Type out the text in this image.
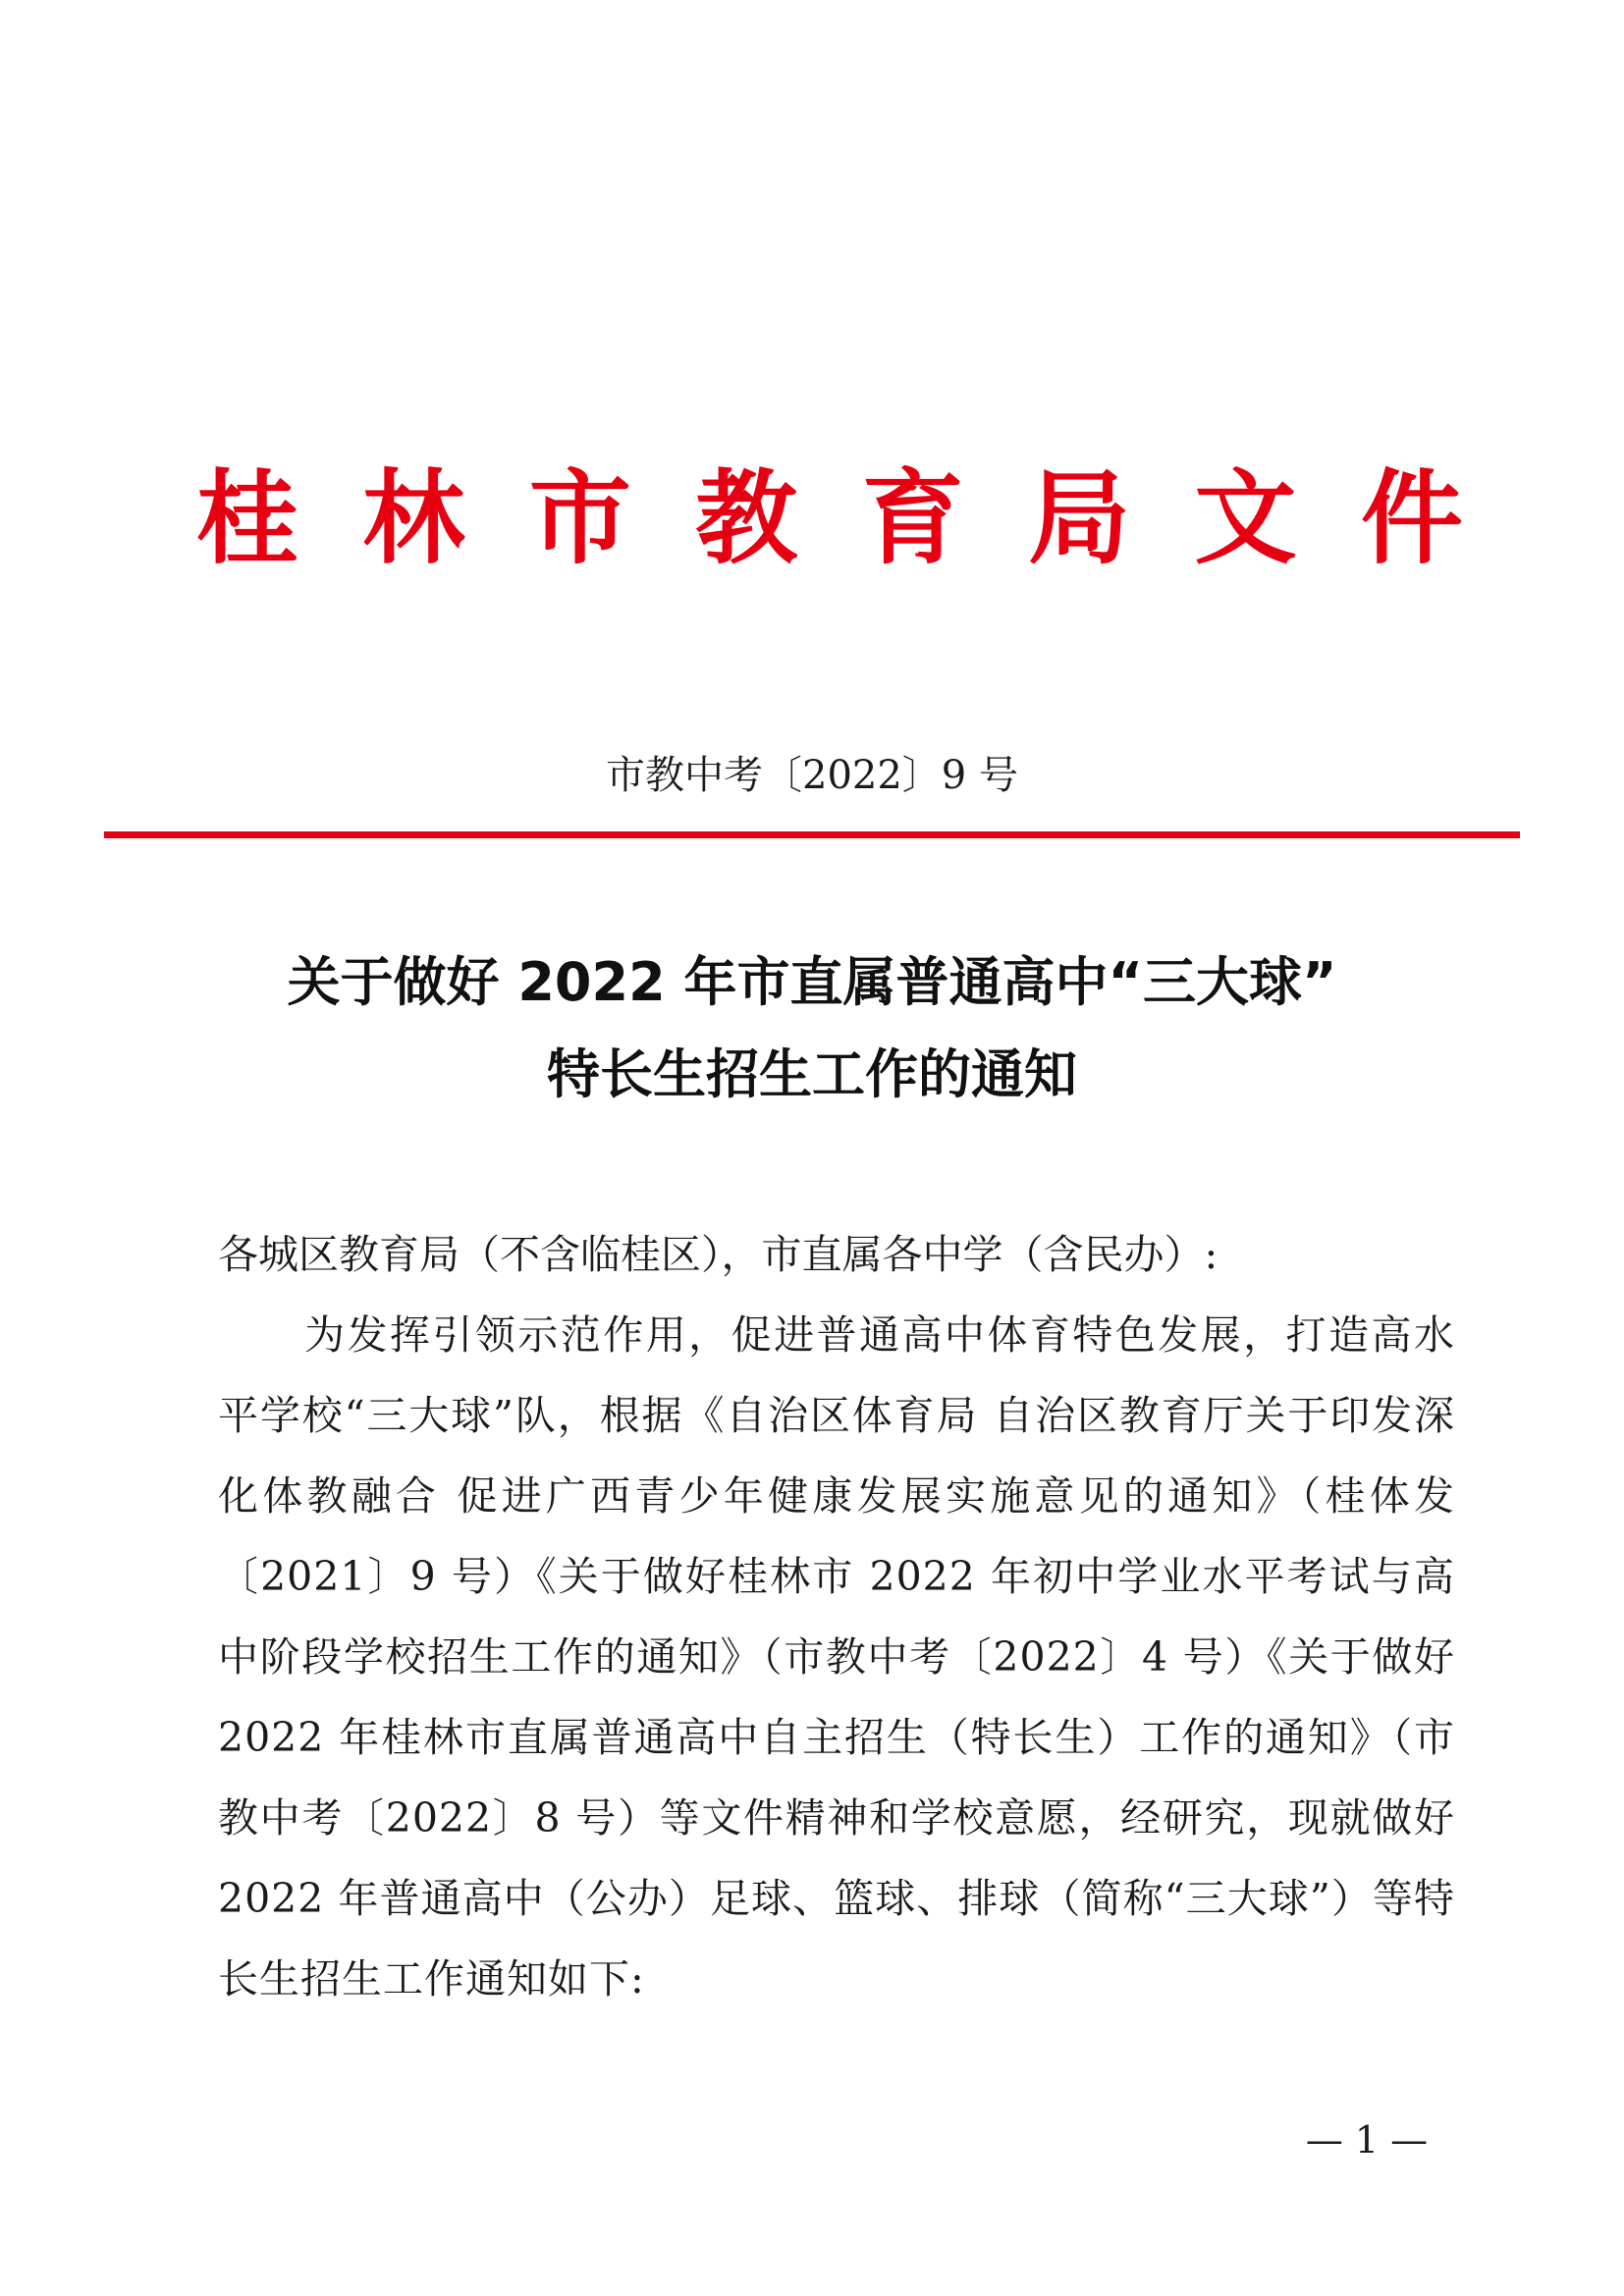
桂 林 市 教 育 局 文 件
市教中考〔2022〕9 号
关于做好 2022 年市直属普通高中“三大球”
特长生招生工作的通知

各城区教育局（不含临桂区），市直属各中学（含民办）:

为发挥引领示范作用，促进普通高中体育特色发展，打造高水平学校“三大球”队，根据《自治区体育局 自治区教育厅关于印发深化体教融合 促进广西青少年健康发展实施意见的通知》（桂体发〔2021〕9 号）《关于做好桂林市 2022 年初中学业水平考试与高中阶段学校招生工作的通知》（市教中考〔2022〕4 号）《关于做好 2022 年桂林市直属普通高中自主招生（特长生）工作的通知》（市教中考〔2022〕8 号）等文件精神和学校意愿，经研究，现就做好 2022 年普通高中（公办）足球、篮球、排球（简称“三大球”）等特长生招生工作通知如下:

— 1 —
